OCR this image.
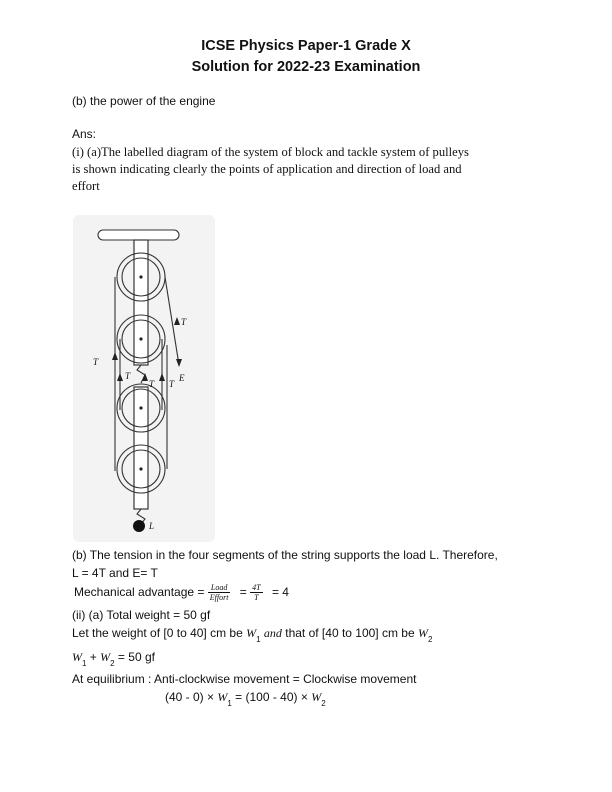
ICSE Physics Paper-1 Grade X
Solution for 2022-23 Examination
(b) the power of the engine
Ans:
(i) (a)The labelled diagram of the system of block and tackle system of pulleys
is shown indicating clearly the points of application and direction of load and
effort
T
T
T T
T
E
L
(b) The tension in the four segments of the string supports the load L. Therefore,
L = 4T and E= T
Mechanical advantage = $\frac{\text{Load}}{\text{Effort}} = \frac{4T}{T} = 4$
(ii) (a) Total weight = 50 gf
Let the weight of [0 to 40] cm be $W_1$ and that of [40 to 100] cm be $W_2$
$W_1 + W_2 = 50$ gf
At equilibrium : Anti-clockwise movement = Clockwise movement
$(40 - 0) \times W_1 = (100 - 40) \times W_2$
